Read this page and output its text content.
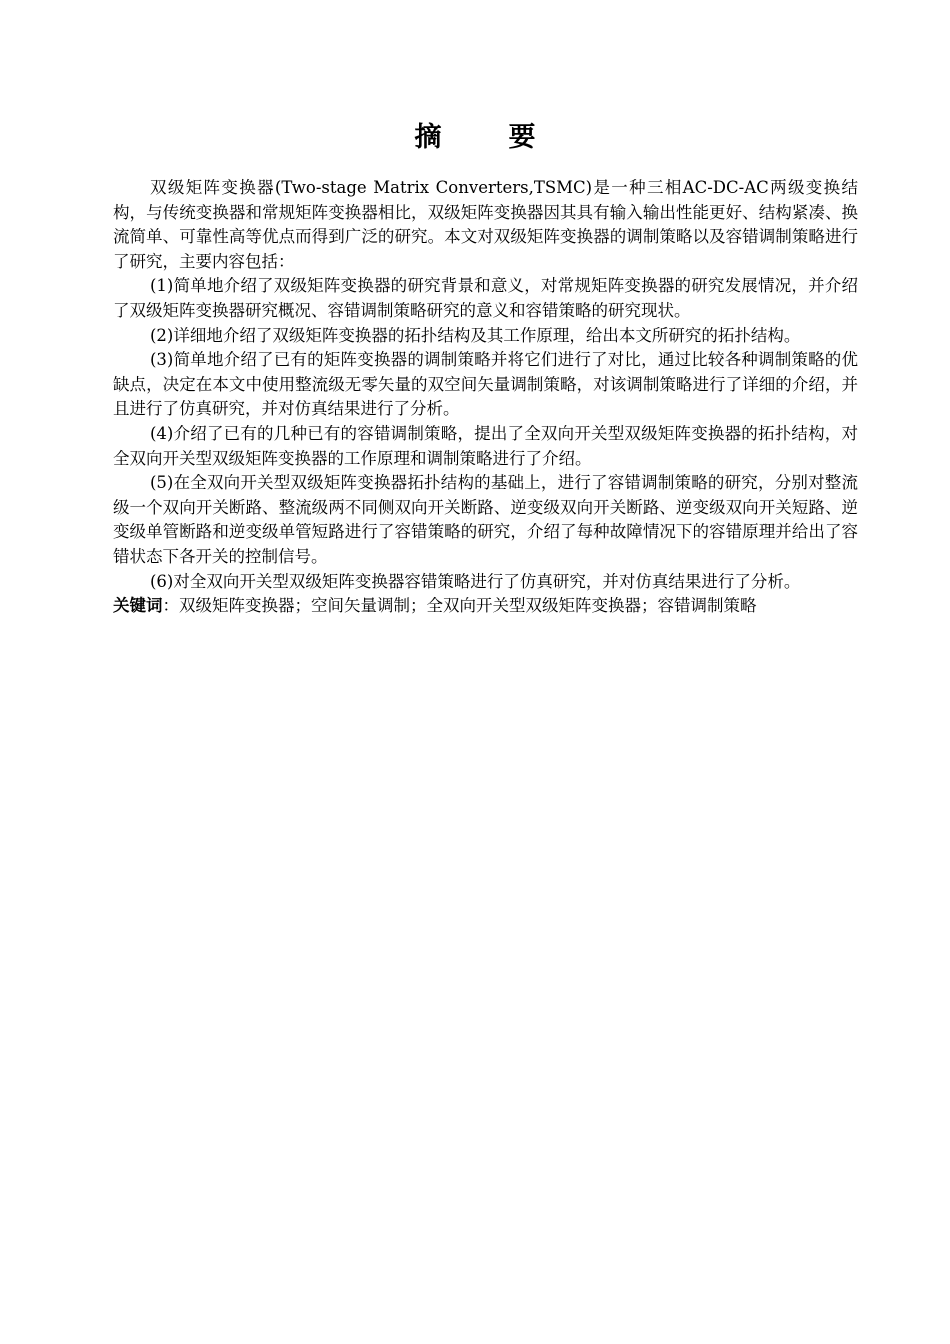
摘　要

双级矩阵变换器(Two-stage Matrix Converters,TSMC)是一种三相AC-DC-AC两级变换结构，与传统变换器和常规矩阵变换器相比，双级矩阵变换器因其具有输入输出性能更好、结构紧凑、换流简单、可靠性高等优点而得到广泛的研究。本文对双级矩阵变换器的调制策略以及容错调制策略进行了研究，主要内容包括：

(1)简单地介绍了双级矩阵变换器的研究背景和意义，对常规矩阵变换器的研究发展情况，并介绍了双级矩阵变换器研究概况、容错调制策略研究的意义和容错策略的研究现状。

(2)详细地介绍了双级矩阵变换器的拓扑结构及其工作原理，给出本文所研究的拓扑结构。

(3)简单地介绍了已有的矩阵变换器的调制策略并将它们进行了对比，通过比较各种调制策略的优缺点，决定在本文中使用整流级无零矢量的双空间矢量调制策略，对该调制策略进行了详细的介绍，并且进行了仿真研究，并对仿真结果进行了分析。

(4)介绍了已有的几种已有的容错调制策略，提出了全双向开关型双级矩阵变换器的拓扑结构，对全双向开关型双级矩阵变换器的工作原理和调制策略进行了介绍。

(5)在全双向开关型双级矩阵变换器拓扑结构的基础上，进行了容错调制策略的研究，分别对整流级一个双向开关断路、整流级两不同侧双向开关断路、逆变级双向开关断路、逆变级双向开关短路、逆变级单管断路和逆变级单管短路进行了容错策略的研究，介绍了每种故障情况下的容错原理并给出了容错状态下各开关的控制信号。

(6)对全双向开关型双级矩阵变换器容错策略进行了仿真研究，并对仿真结果进行了分析。

关键词：双级矩阵变换器；空间矢量调制；全双向开关型双级矩阵变换器；容错调制策略
